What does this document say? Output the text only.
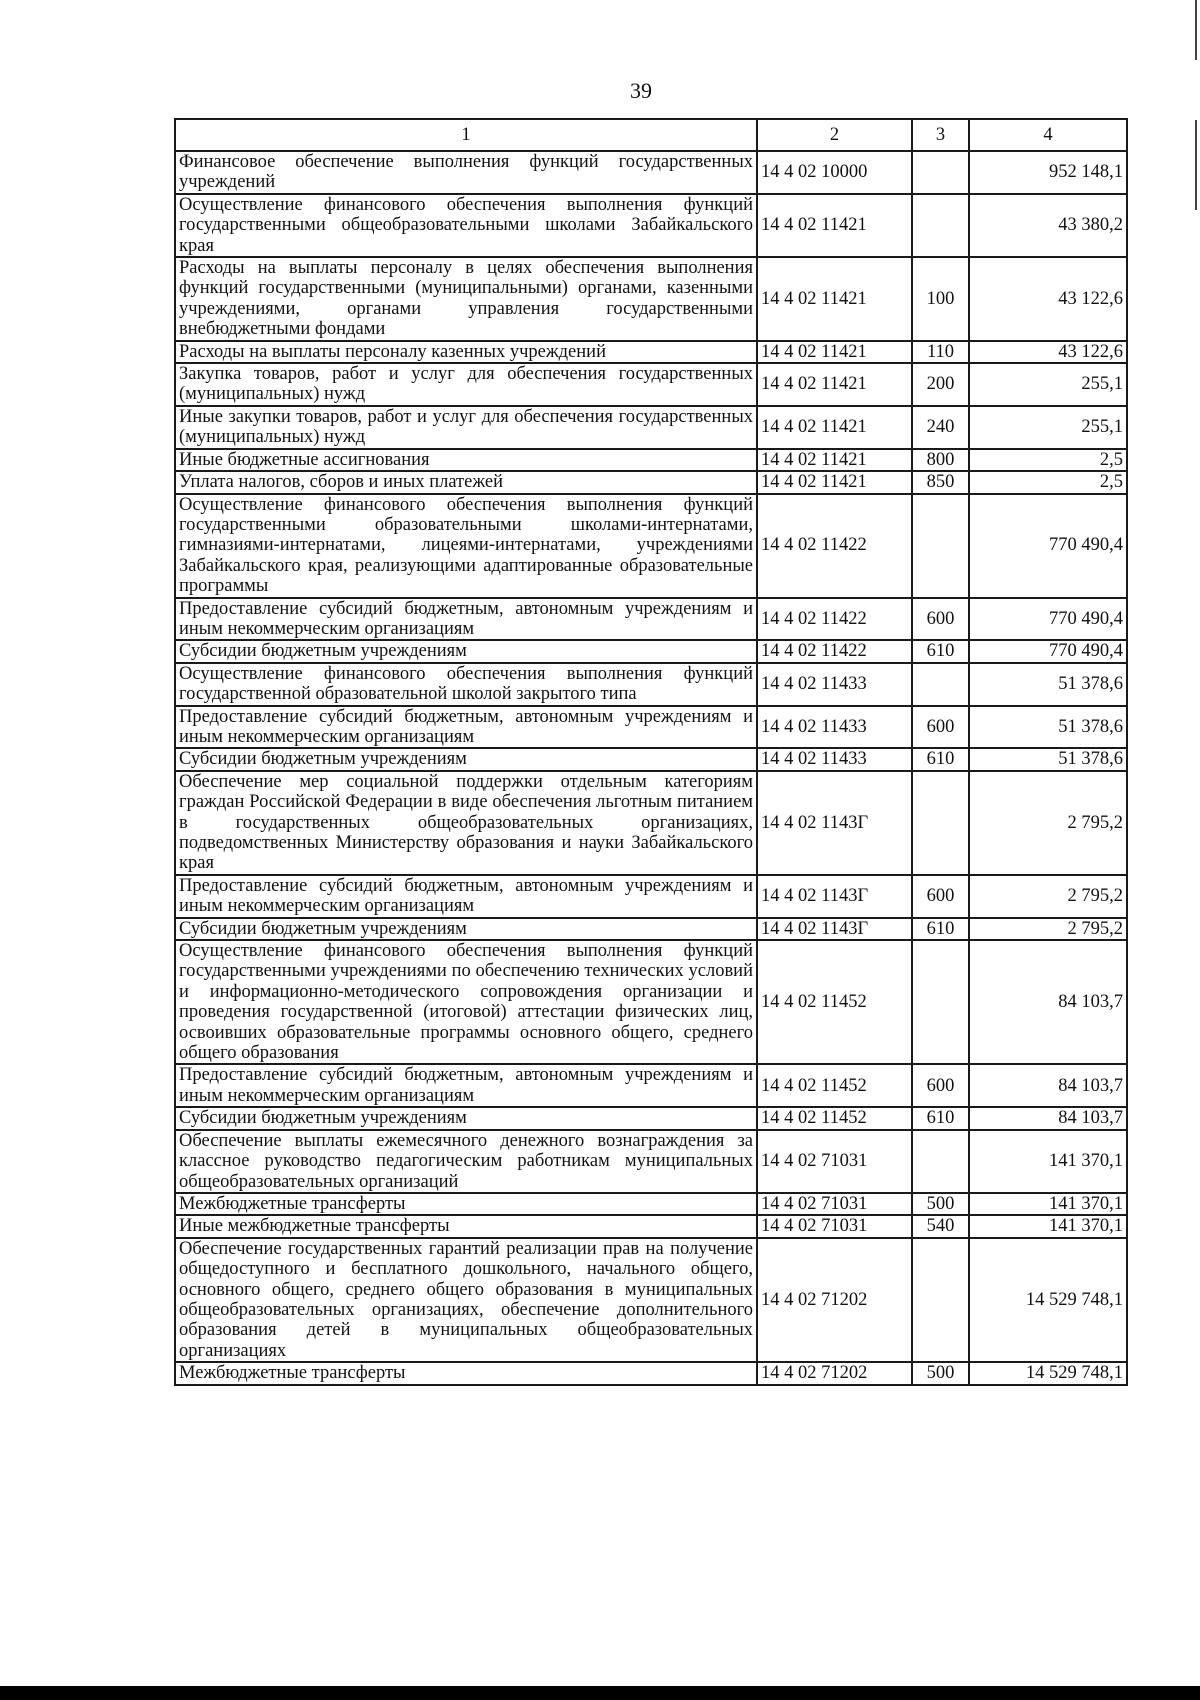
39
1	2	3	4
Финансовое обеспечение выполнения функций государственных учреждений	14 4 02 10000		952 148,1
Осуществление финансового обеспечения выполнения функций государственными общеобразовательными школами Забайкальского края	14 4 02 11421		43 380,2
Расходы на выплаты персоналу в целях обеспечения выполнения функций государственными (муниципальными) органами, казенными учреждениями, органами управления государственными внебюджетными фондами	14 4 02 11421	100	43 122,6
Расходы на выплаты персоналу казенных учреждений	14 4 02 11421	110	43 122,6
Закупка товаров, работ и услуг для обеспечения государственных (муниципальных) нужд	14 4 02 11421	200	255,1
Иные закупки товаров, работ и услуг для обеспечения государственных (муниципальных) нужд	14 4 02 11421	240	255,1
Иные бюджетные ассигнования	14 4 02 11421	800	2,5
Уплата налогов, сборов и иных платежей	14 4 02 11421	850	2,5
Осуществление финансового обеспечения выполнения функций государственными образовательными школами-интернатами, гимназиями-интернатами, лицеями-интернатами, учреждениями Забайкальского края, реализующими адаптированные образовательные программы	14 4 02 11422		770 490,4
Предоставление субсидий бюджетным, автономным учреждениям и иным некоммерческим организациям	14 4 02 11422	600	770 490,4
Субсидии бюджетным учреждениям	14 4 02 11422	610	770 490,4
Осуществление финансового обеспечения выполнения функций государственной образовательной школой закрытого типа	14 4 02 11433		51 378,6
Предоставление субсидий бюджетным, автономным учреждениям и иным некоммерческим организациям	14 4 02 11433	600	51 378,6
Субсидии бюджетным учреждениям	14 4 02 11433	610	51 378,6
Обеспечение мер социальной поддержки отдельным категориям граждан Российской Федерации в виде обеспечения льготным питанием в государственных общеобразовательных организациях, подведомственных Министерству образования и науки Забайкальского края	14 4 02 1143Г		2 795,2
Предоставление субсидий бюджетным, автономным учреждениям и иным некоммерческим организациям	14 4 02 1143Г	600	2 795,2
Субсидии бюджетным учреждениям	14 4 02 1143Г	610	2 795,2
Осуществление финансового обеспечения выполнения функций государственными учреждениями по обеспечению технических условий и информационно-методического сопровождения организации и проведения государственной (итоговой) аттестации физических лиц, освоивших образовательные программы основного общего, среднего общего образования	14 4 02 11452		84 103,7
Предоставление субсидий бюджетным, автономным учреждениям и иным некоммерческим организациям	14 4 02 11452	600	84 103,7
Субсидии бюджетным учреждениям	14 4 02 11452	610	84 103,7
Обеспечение выплаты ежемесячного денежного вознаграждения за классное руководство педагогическим работникам муниципальных общеобразовательных организаций	14 4 02 71031		141 370,1
Межбюджетные трансферты	14 4 02 71031	500	141 370,1
Иные межбюджетные трансферты	14 4 02 71031	540	141 370,1
Обеспечение государственных гарантий реализации прав на получение общедоступного и бесплатного дошкольного, начального общего, основного общего, среднего общего образования в муниципальных общеобразовательных организациях, обеспечение дополнительного образования детей в муниципальных общеобразовательных организациях	14 4 02 71202		14 529 748,1
Межбюджетные трансферты	14 4 02 71202	500	14 529 748,1
